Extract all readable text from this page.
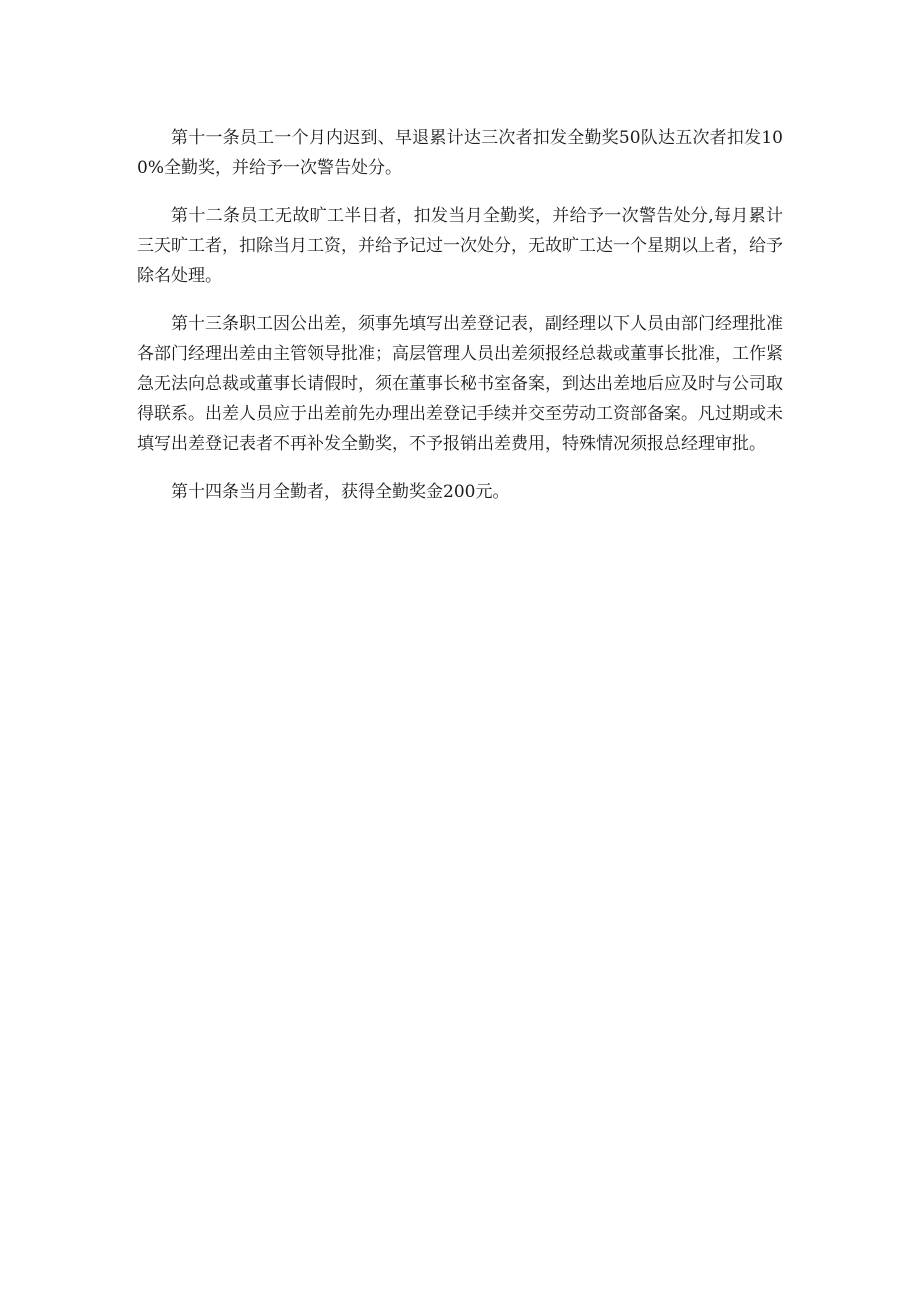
第十一条员工一个月内迟到、早退累计达三次者扣发全勤奖50队达五次者扣发100%全勤奖，并给予一次警告处分。

第十二条员工无故旷工半日者，扣发当月全勤奖，并给予一次警告处分,每月累计三天旷工者，扣除当月工资，并给予记过一次处分，无故旷工达一个星期以上者，给予除名处理。

第十三条职工因公出差，须事先填写出差登记表，副经理以下人员由部门经理批准各部门经理出差由主管领导批准；高层管理人员出差须报经总裁或董事长批准，工作紧急无法向总裁或董事长请假时，须在董事长秘书室备案，到达出差地后应及时与公司取得联系。出差人员应于出差前先办理出差登记手续并交至劳动工资部备案。凡过期或未填写出差登记表者不再补发全勤奖，不予报销出差费用，特殊情况须报总经理审批。

第十四条当月全勤者，获得全勤奖金200元。
